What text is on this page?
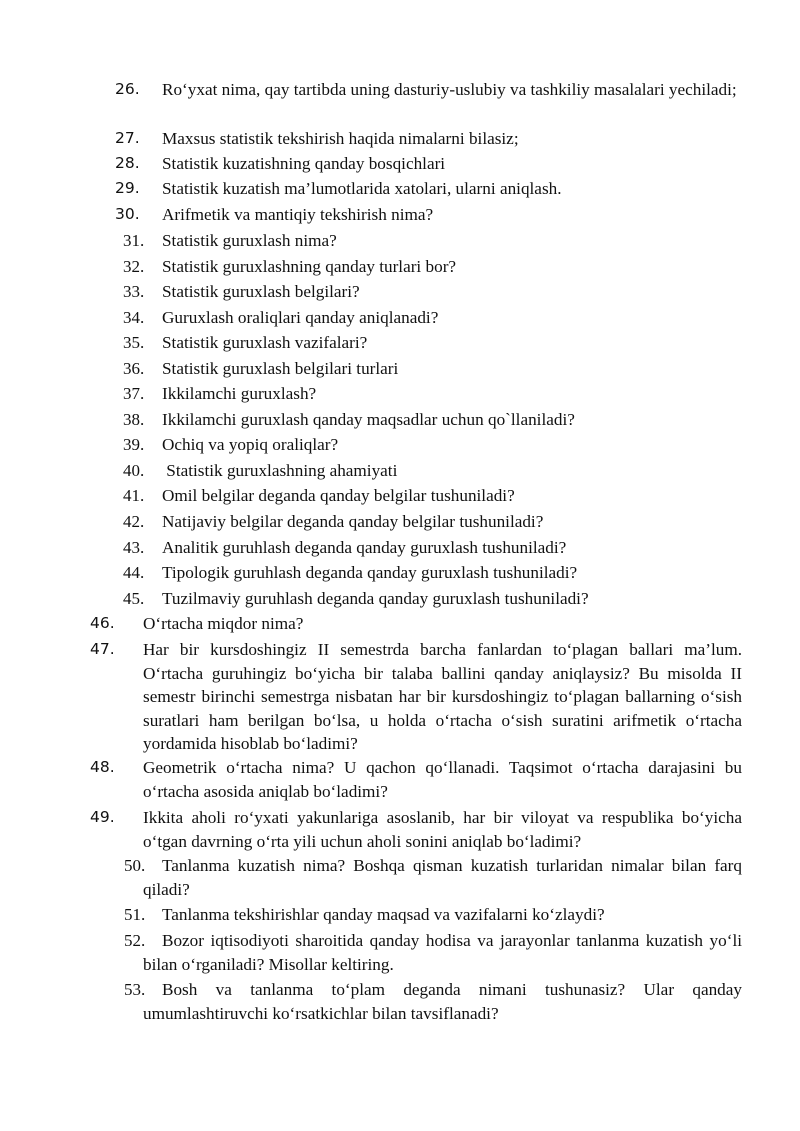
26.	Ro‘yxat nima, qay tartibda uning dasturiy-uslubiy va tashkiliy masalalari yechiladi;
27. Maxsus statistik tekshirish haqida nimalarni bilasiz;
28. Statistik kuzatishning qanday bosqichlari
29. Statistik kuzatish ma’lumotlarida xatolari, ularni aniqlash.
30. Arifmetik va mantiqiy tekshirish nima?
31. Statistik guruxlash nima?
32. Statistik guruxlashning qanday turlari bor?
33. Statistik guruxlash belgilari?
34. Guruxlash oraliqlari qanday aniqlanadi?
35. Statistik guruxlash vazifalari?
36. Statistik guruxlash belgilari turlari
37. Ikkilamchi guruxlash?
38. Ikkilamchi guruxlash qanday maqsadlar uchun qo`llaniladi?
39. Ochiq va yopiq oraliqlar?
40. Statistik guruxlashning ahamiyati
41. Omil belgilar deganda qanday belgilar tushuniladi?
42. Natijaviy belgilar deganda qanday belgilar tushuniladi?
43. Analitik guruhlash deganda qanday guruxlash tushuniladi?
44. Tipologik guruhlash deganda qanday guruxlash tushuniladi?
45. Tuzilmaviy guruhlash deganda qanday guruxlash tushuniladi?
46. O‘rtacha miqdor nima?
47. Har bir kursdoshingiz II semestrda barcha fanlardan to‘plagan ballari ma’lum. O‘rtacha guruhingiz bo‘yicha bir talaba ballini qanday aniqlaysiz? Bu misolda II semestr birinchi semestrga nisbatan har bir kursdoshingiz to‘plagan ballarning o‘sish suratlari ham berilgan bo‘lsa, u holda o‘rtacha o‘sish suratini arifmetik o‘rtacha yordamida hisoblab bo‘ladimi?
48. Geometrik o‘rtacha nima? U qachon qo‘llanadi. Taqsimot o‘rtacha darajasini bu o‘rtacha asosida aniqlab bo‘ladimi?
49. Ikkita aholi ro‘yxati yakunlariga asoslanib, har bir viloyat va respublika bo‘yicha o‘tgan davrning o‘rta yili uchun aholi sonini aniqlab bo‘ladimi?
50. Tanlanma kuzatish nima? Boshqa qisman kuzatish turlaridan nimalar bilan farq qiladi?
51. Tanlanma tekshirishlar qanday maqsad va vazifalarni ko‘zlaydi?
52. Bozor iqtisodiyoti sharoitida qanday hodisa va jarayonlar tanlanma kuzatish yo‘li bilan o‘rganiladi? Misollar keltiring.
53. Bosh va tanlanma to‘plam deganda nimani tushunasiz? Ular qanday umumlashtiruvchi ko‘rsatkichlar bilan tavsiflanadi?
